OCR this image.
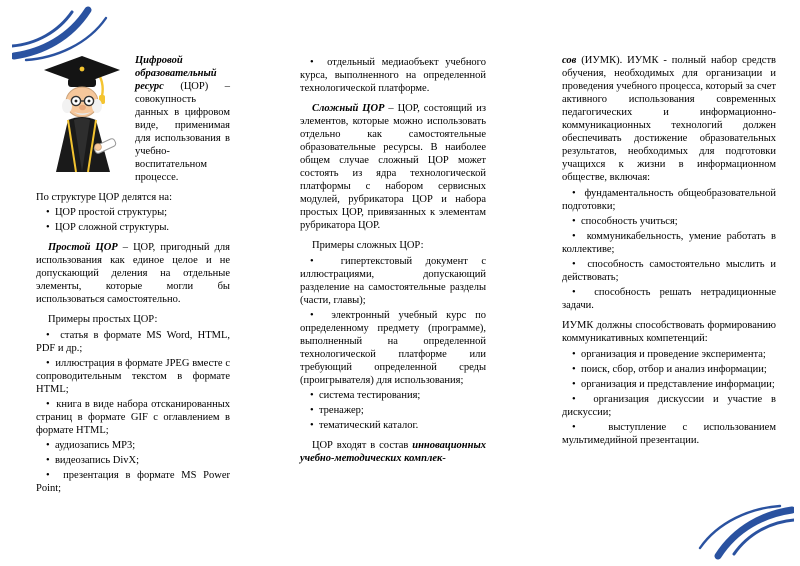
Цифровой образовательный ресурс (ЦОР) – совокупность данных в цифровом виде, применимая для использования в учебно-воспитательном процессе.

По структуре ЦОР делятся на:

•  ЦОР простой структуры;
•  ЦОР сложной структуры.

Простой ЦОР – ЦОР, пригодный для использования как единое целое и не допускающий деления на отдельные элементы, которые могли бы использоваться самостоятельно.

Примеры простых ЦОР:

•  статья в формате MS Word, HTML, PDF и др.;
•  иллюстрация в формате JPEG вместе с сопроводительным текстом в формате HTML;
•  книга в виде набора отсканированных страниц в формате GIF с оглавлением в формате HTML;
•  аудиозапись MP3;
•  видеозапись DivX;
•  презентация в формате MS Power Point;
•  отдельный медиаобъект учебного курса, выполненного на определенной технологической платформе.

Сложный ЦОР – ЦОР, состоящий из элементов, которые можно использовать отдельно как самостоятельные образовательные ресурсы. В наиболее общем случае сложный ЦОР может состоять из ядра технологической платформы с набором сервисных модулей, рубрикатора ЦОР и набора простых ЦОР, привязанных к элементам рубрикатора ЦОР.

Примеры сложных ЦОР:

•  гипертекстовый документ с иллюстрациями, допускающий разделение на самостоятельные разделы (части, главы);
•  электронный учебный курс по определенному предмету (программе), выполненный на определенной технологической платформе или требующий определенной среды (проигрывателя) для использования;
•  система тестирования;
•  тренажер;
•  тематический каталог.

ЦОР входят в состав инновационных учебно-методических комплек-

сов (ИУМК). ИУМК - полный набор средств обучения, необходимых для организации и проведения учебного процесса, который за счет активного использования современных педагогических и информационно-коммуникационных технологий должен обеспечивать достижение образовательных результатов, необходимых для подготовки учащихся к жизни в информационном обществе, включая:

•  фундаментальность общеобразовательной подготовки;
•  способность учиться;
•  коммуникабельность, умение работать в коллективе;
•  способность самостоятельно мыслить и действовать;
•  способность решать нетрадиционные задачи.

ИУМК должны способствовать формированию коммуникативных компетенций:

•  организация и проведение эксперимента;
•  поиск, сбор, отбор и анализ информации;
•  организация и представление информации;
•  организация дискуссии и участие в дискуссии;
•  выступление с использованием мультимедийной презентации.
